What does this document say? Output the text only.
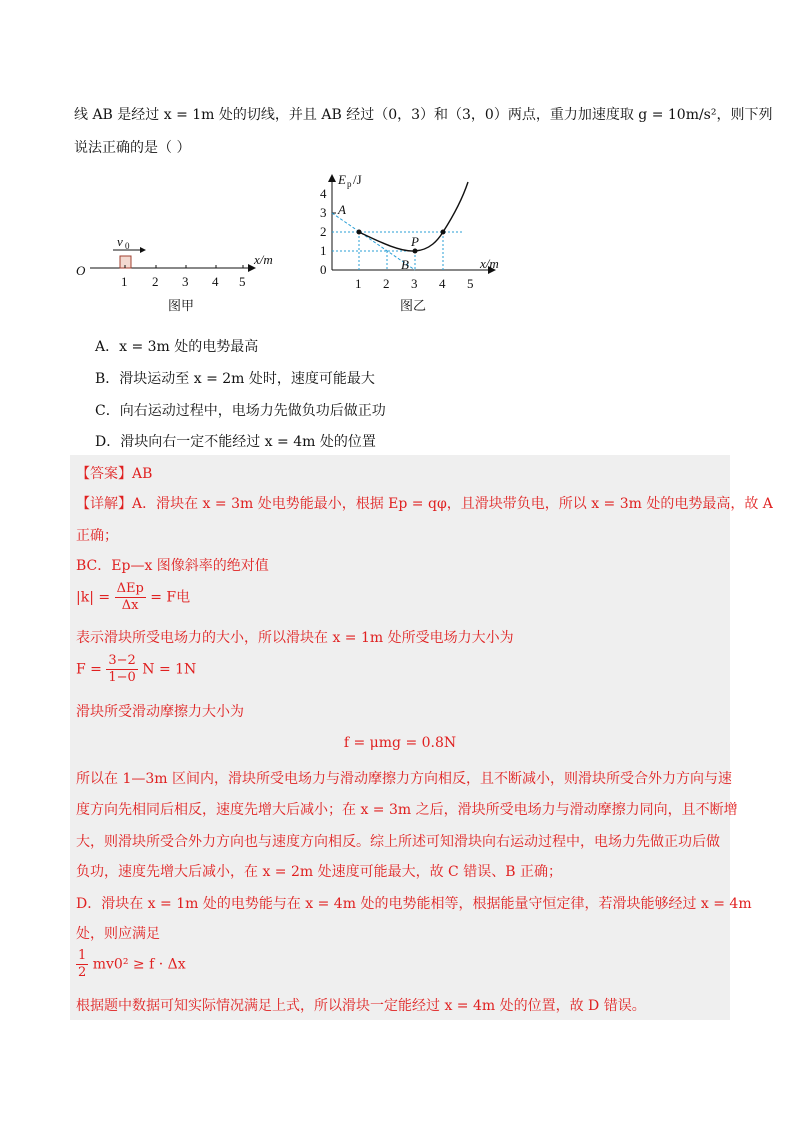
线 AB 是经过 x = 1m 处的切线，并且 AB 经过（0，3）和（3，0）两点，重力加速度取 g = 10m/s²，则下列
说法正确的是（ ）
O
v 0
1 2 3 4 5
x/m
图甲
E p /J
x/m
0
1
2
3
4
1 2 3 4 5
A
P
B
图乙
A．x = 3m 处的电势最高
B．滑块运动至 x = 2m 处时，速度可能最大
C．向右运动过程中，电场力先做负功后做正功
D．滑块向右一定不能经过 x = 4m 处的位置
【答案】AB
【详解】A．滑块在 x = 3m 处电势能最小，根据 Ep = qφ，且滑块带负电，所以 x = 3m 处的电势最高，故 A
正确；
BC．Ep—x 图像斜率的绝对值
$|k| = \frac{\text{ΔEp}}{\Delta x} = F$电
表示滑块所受电场力的大小，所以滑块在 x = 1m 处所受电场力大小为
$F = \frac{3-2}{1-0}$ N = 1N
滑块所受滑动摩擦力大小为
f = μmg = 0.8N
所以在 1—3m 区间内，滑块所受电场力与滑动摩擦力方向相反，且不断减小，则滑块所受合外力方向与速
度方向先相同后相反，速度先增大后减小；在 x = 3m 之后，滑块所受电场力与滑动摩擦力同向，且不断增
大，则滑块所受合外力方向也与速度方向相反。综上所述可知滑块向右运动过程中，电场力先做正功后做
负功，速度先增大后减小，在 x = 2m 处速度可能最大，故 C 错误、B 正确；
D．滑块在 x = 1m 处的电势能与在 x = 4m 处的电势能相等，根据能量守恒定律，若滑块能够经过 x = 4m
处，则应满足
$\frac{1}{2} mv0^2 \ge f \cdot \Delta x$
根据题中数据可知实际情况满足上式，所以滑块一定能经过 x = 4m 处的位置，故 D 错误。
